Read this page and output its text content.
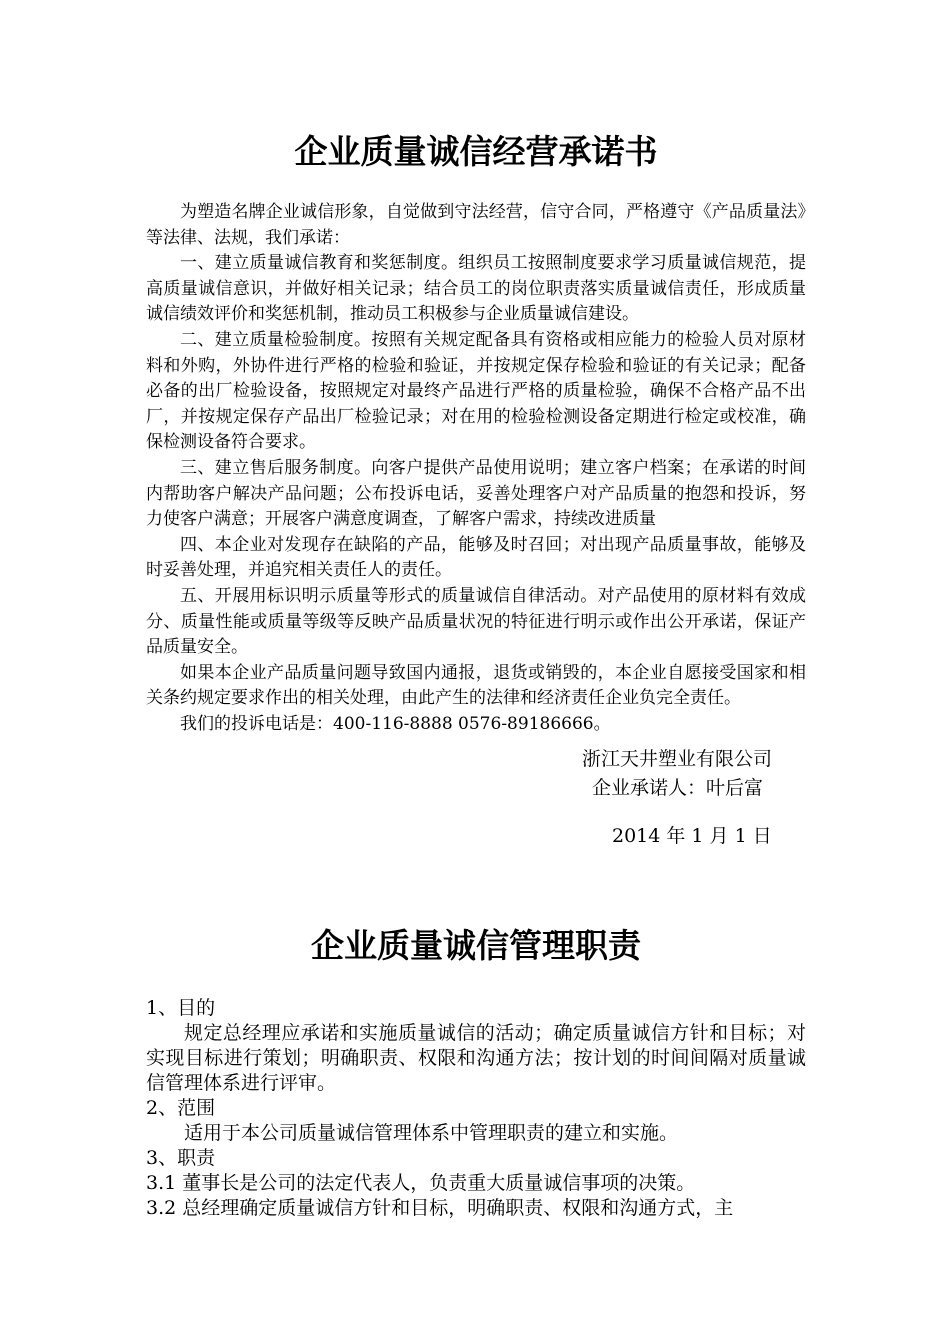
企业质量诚信经营承诺书

为塑造名牌企业诚信形象，自觉做到守法经营，信守合同，严格遵守《产品质量法》等法律、法规，我们承诺：

一、建立质量诚信教育和奖惩制度。组织员工按照制度要求学习质量诚信规范，提高质量诚信意识，并做好相关记录；结合员工的岗位职责落实质量诚信责任，形成质量诚信绩效评价和奖惩机制，推动员工积极参与企业质量诚信建设。

二、建立质量检验制度。按照有关规定配备具有资格或相应能力的检验人员对原材料和外购，外协件进行严格的检验和验证，并按规定保存检验和验证的有关记录；配备必备的出厂检验设备，按照规定对最终产品进行严格的质量检验，确保不合格产品不出厂，并按规定保存产品出厂检验记录；对在用的检验检测设备定期进行检定或校准，确保检测设备符合要求。

三、建立售后服务制度。向客户提供产品使用说明；建立客户档案；在承诺的时间内帮助客户解决产品问题；公布投诉电话，妥善处理客户对产品质量的抱怨和投诉，努力使客户满意；开展客户满意度调查，了解客户需求，持续改进质量

四、本企业对发现存在缺陷的产品，能够及时召回；对出现产品质量事故，能够及时妥善处理，并追究相关责任人的责任。

五、开展用标识明示质量等形式的质量诚信自律活动。对产品使用的原材料有效成分、质量性能或质量等级等反映产品质量状况的特征进行明示或作出公开承诺，保证产品质量安全。

如果本企业产品质量问题导致国内通报，退货或销毁的，本企业自愿接受国家和相关条约规定要求作出的相关处理，由此产生的法律和经济责任企业负完全责任。

我们的投诉电话是：400-116-8888 0576-89186666。

浙江天井塑业有限公司

企业承诺人：叶后富

2014 年 1 月 1 日

企业质量诚信管理职责

1、目的

规定总经理应承诺和实施质量诚信的活动；确定质量诚信方针和目标；对实现目标进行策划；明确职责、权限和沟通方法；按计划的时间间隔对质量诚信管理体系进行评审。

2、范围

适用于本公司质量诚信管理体系中管理职责的建立和实施。

3、职责

3.1 董事长是公司的法定代表人，负责重大质量诚信事项的决策。

3.2 总经理确定质量诚信方针和目标，明确职责、权限和沟通方式，主
